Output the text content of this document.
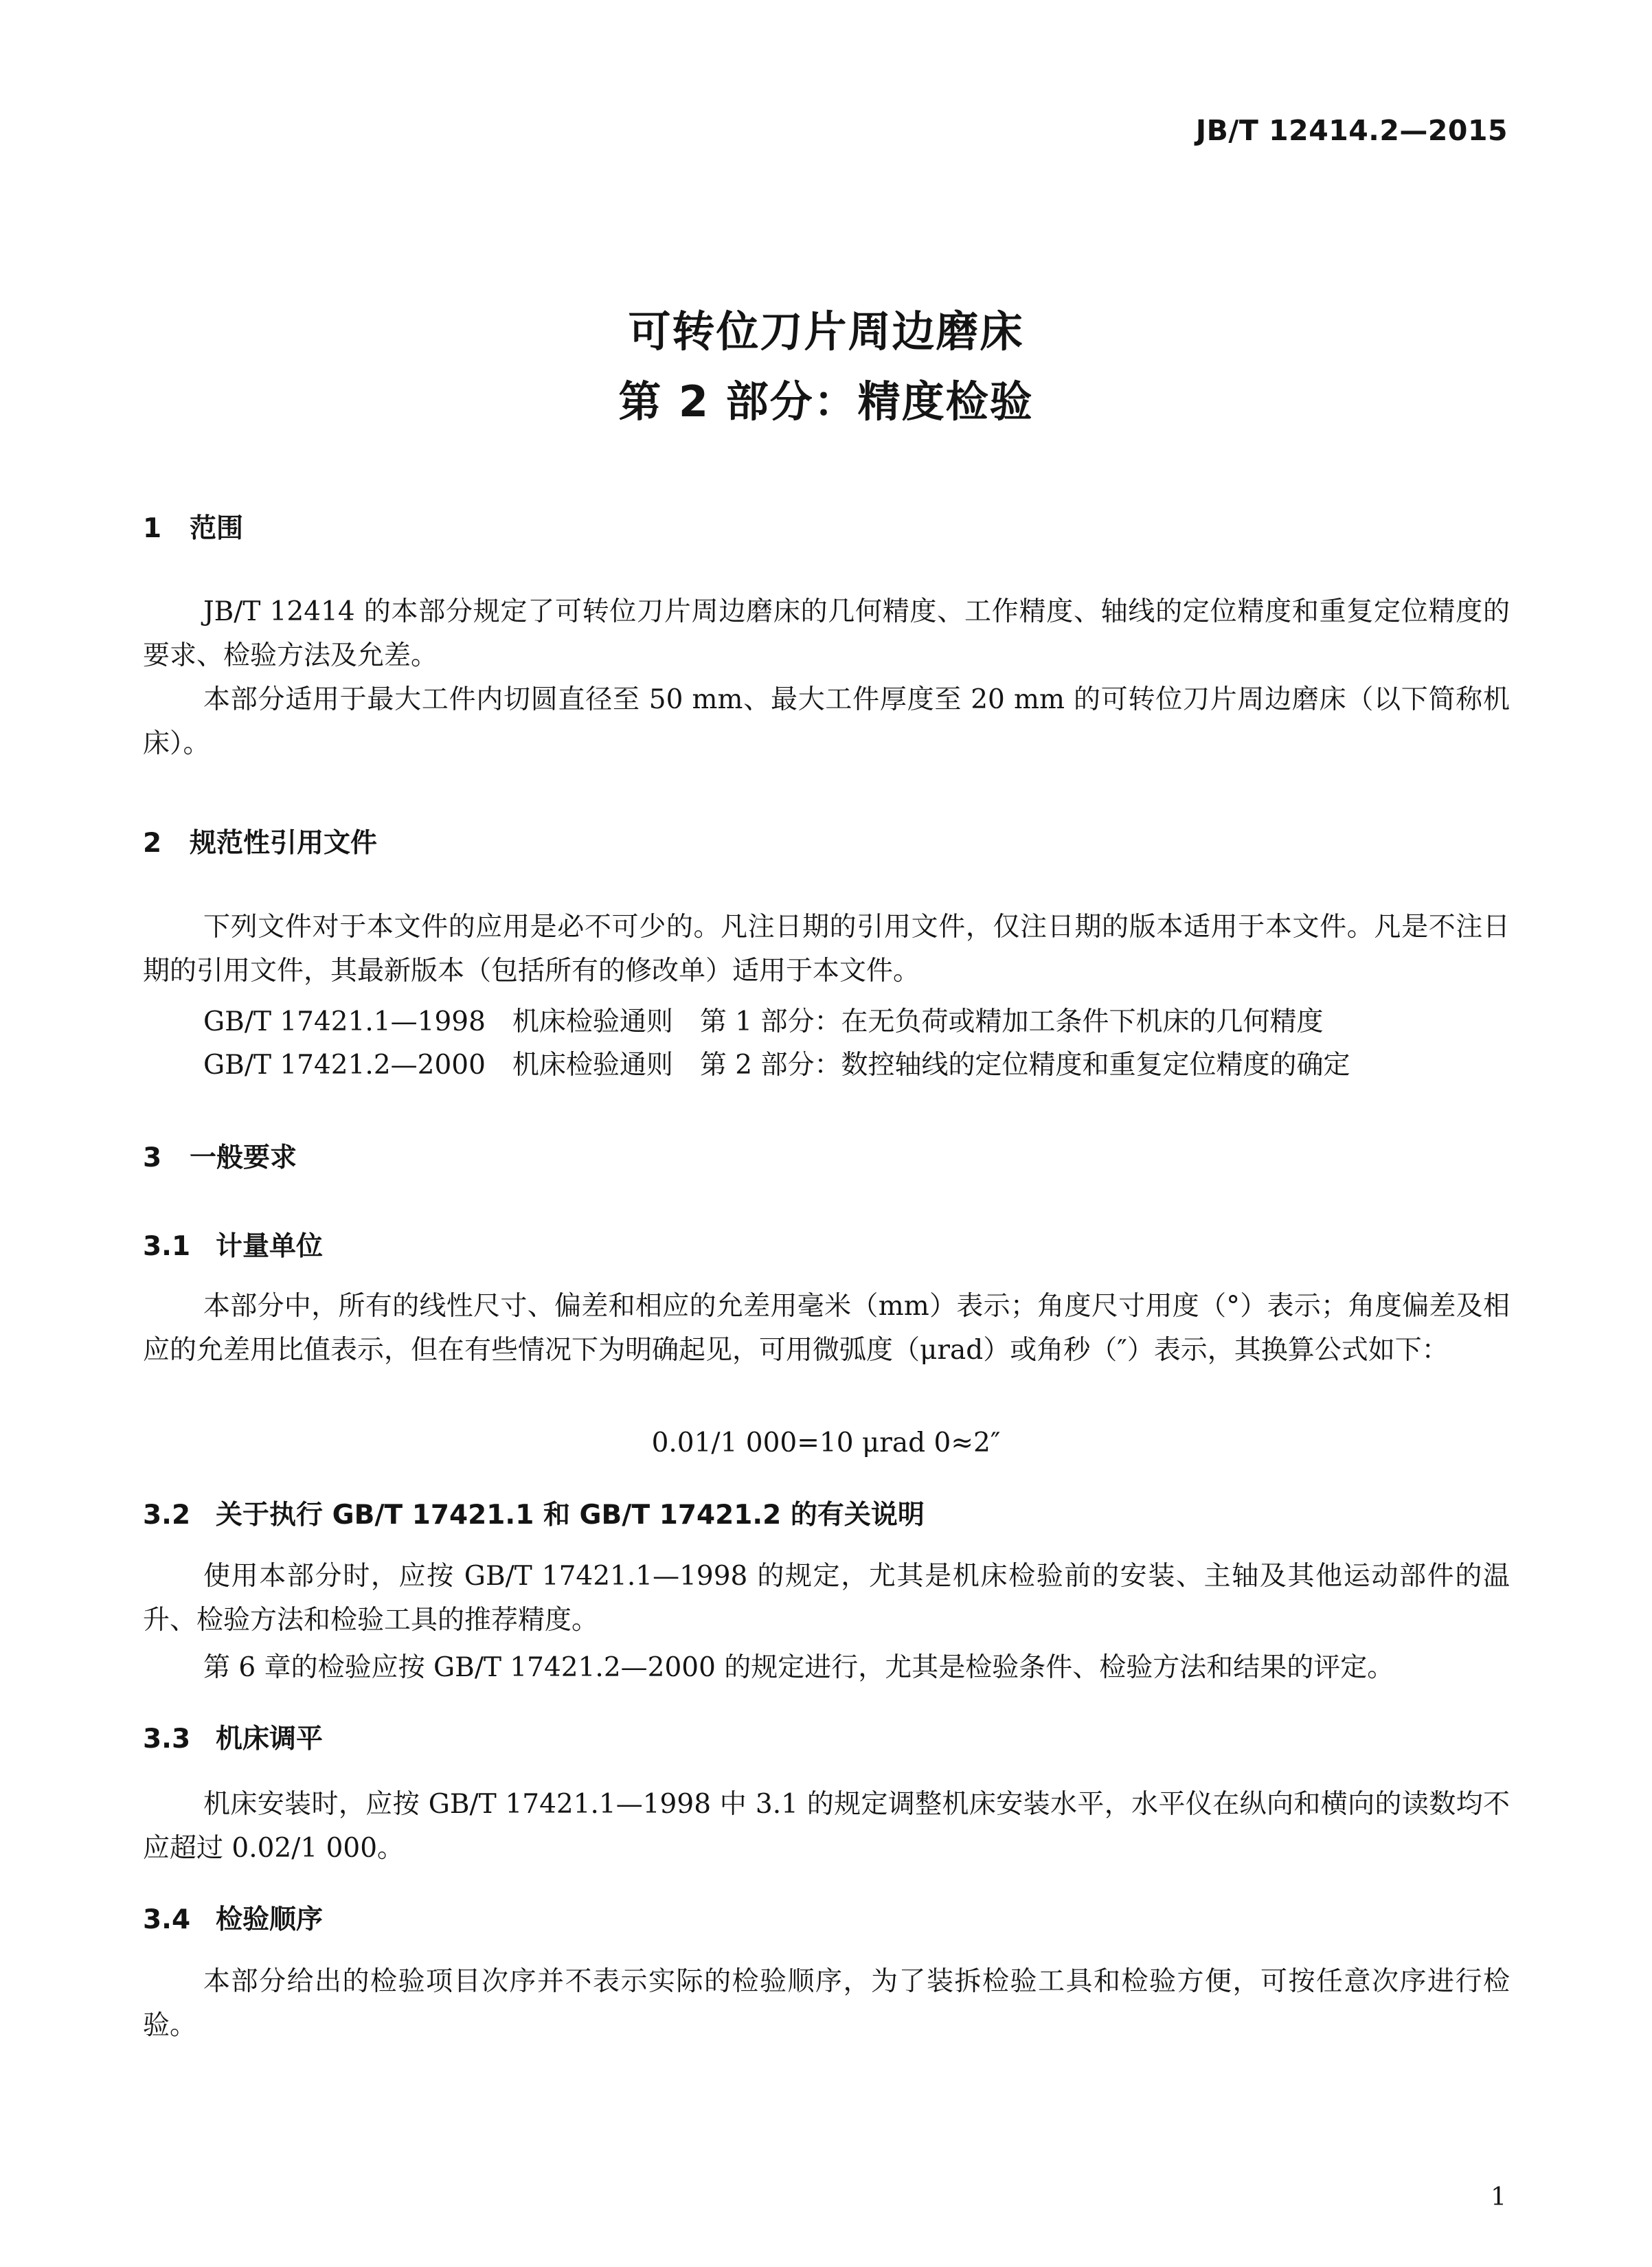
JB/T 12414.2—2015
可转位刀片周边磨床
第 2 部分：精度检验
1 范围

JB/T 12414 的本部分规定了可转位刀片周边磨床的几何精度、工作精度、轴线的定位精度和重复定位精度的要求、检验方法及允差。

本部分适用于最大工件内切圆直径至 50 mm、最大工件厚度至 20 mm 的可转位刀片周边磨床（以下简称机床）。

2 规范性引用文件

下列文件对于本文件的应用是必不可少的。凡注日期的引用文件，仅注日期的版本适用于本文件。凡是不注日期的引用文件，其最新版本（包括所有的修改单）适用于本文件。

GB/T 17421.1—1998　机床检验通则　第 1 部分：在无负荷或精加工条件下机床的几何精度
GB/T 17421.2—2000　机床检验通则　第 2 部分：数控轴线的定位精度和重复定位精度的确定
3 一般要求
3.1 计量单位

本部分中，所有的线性尺寸、偏差和相应的允差用毫米（mm）表示；角度尺寸用度（°）表示；角度偏差及相应的允差用比值表示，但在有些情况下为明确起见，可用微弧度（μrad）或角秒（″）表示，其换算公式如下：

0.01/1 000=10 μrad 0≈2″
3.2 关于执行 GB/T 17421.1 和 GB/T 17421.2 的有关说明

使用本部分时，应按 GB/T 17421.1—1998 的规定，尤其是机床检验前的安装、主轴及其他运动部件的温升、检验方法和检验工具的推荐精度。

第 6 章的检验应按 GB/T 17421.2—2000 的规定进行，尤其是检验条件、检验方法和结果的评定。

3.3 机床调平

机床安装时，应按 GB/T 17421.1—1998 中 3.1 的规定调整机床安装水平，水平仪在纵向和横向的读数均不应超过 0.02/1 000。

3.4 检验顺序

本部分给出的检验项目次序并不表示实际的检验顺序，为了装拆检验工具和检验方便，可按任意次序进行检验。

1
